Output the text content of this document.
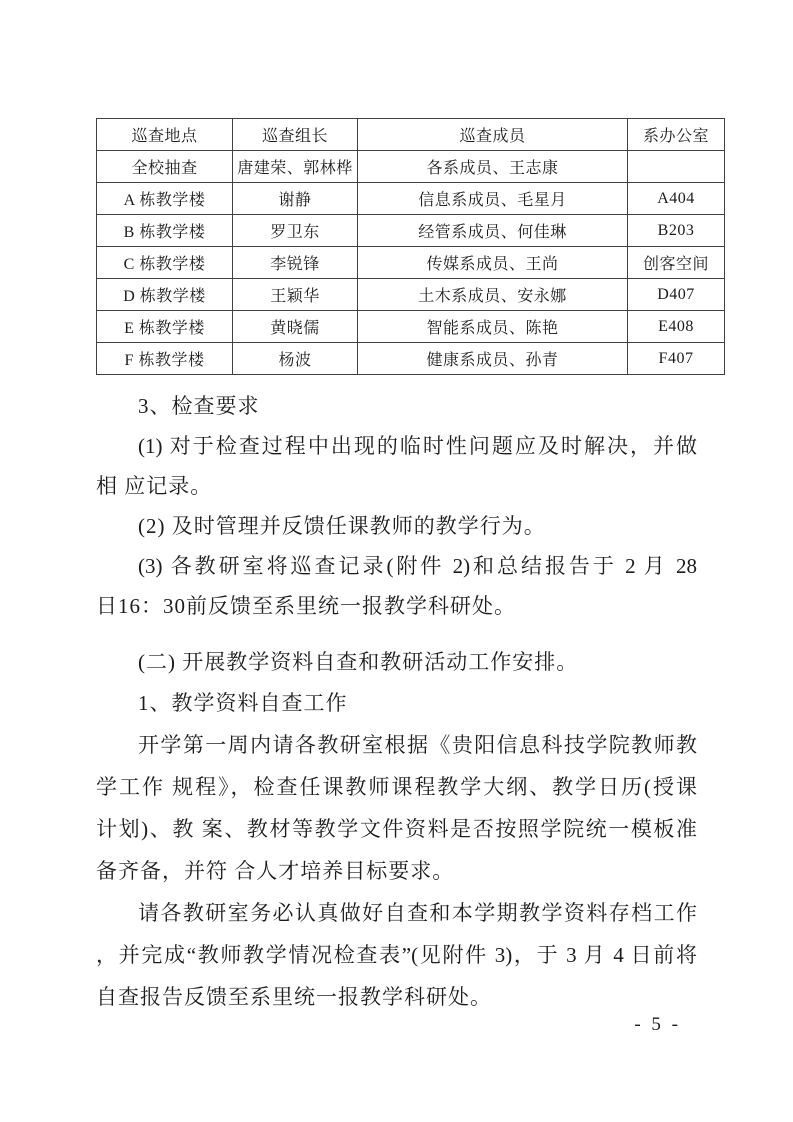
巡查地点	巡查组长	巡查成员	系办公室
全校抽查	唐建荣、郭林桦	各系成员、王志康	
A 栋教学楼	谢静	信息系成员、毛星月	A404
B 栋教学楼	罗卫东	经管系成员、何佳琳	B203
C 栋教学楼	李锐锋	传媒系成员、王尚	创客空间
D 栋教学楼	王颖华	土木系成员、安永娜	D407
E 栋教学楼	黄晓儒	智能系成员、陈艳	E408
F 栋教学楼	杨波	健康系成员、孙青	F407

3、检查要求

(1) 对于检查过程中出现的临时性问题应及时解决，并做

相 应记录。

(2) 及时管理并反馈任课教师的教学行为。

(3) 各教研室将巡查记录(附件 2)和总结报告于 2 月 28

日16：30前反馈至系里统一报教学科研处。

(二) 开展教学资料自查和教研活动工作安排。

1、教学资料自查工作

开学第一周内请各教研室根据《贵阳信息科技学院教师教

学工作 规程》，检查任课教师课程教学大纲、教学日历(授课

计划)、教 案、教材等教学文件资料是否按照学院统一模板准

备齐备，并符 合人才培养目标要求。

请各教研室务必认真做好自查和本学期教学资料存档工作

，并完成“教师教学情况检查表”(见附件 3)，于 3 月 4 日前将

自查报告反馈至系里统一报教学科研处。

- 5 -
